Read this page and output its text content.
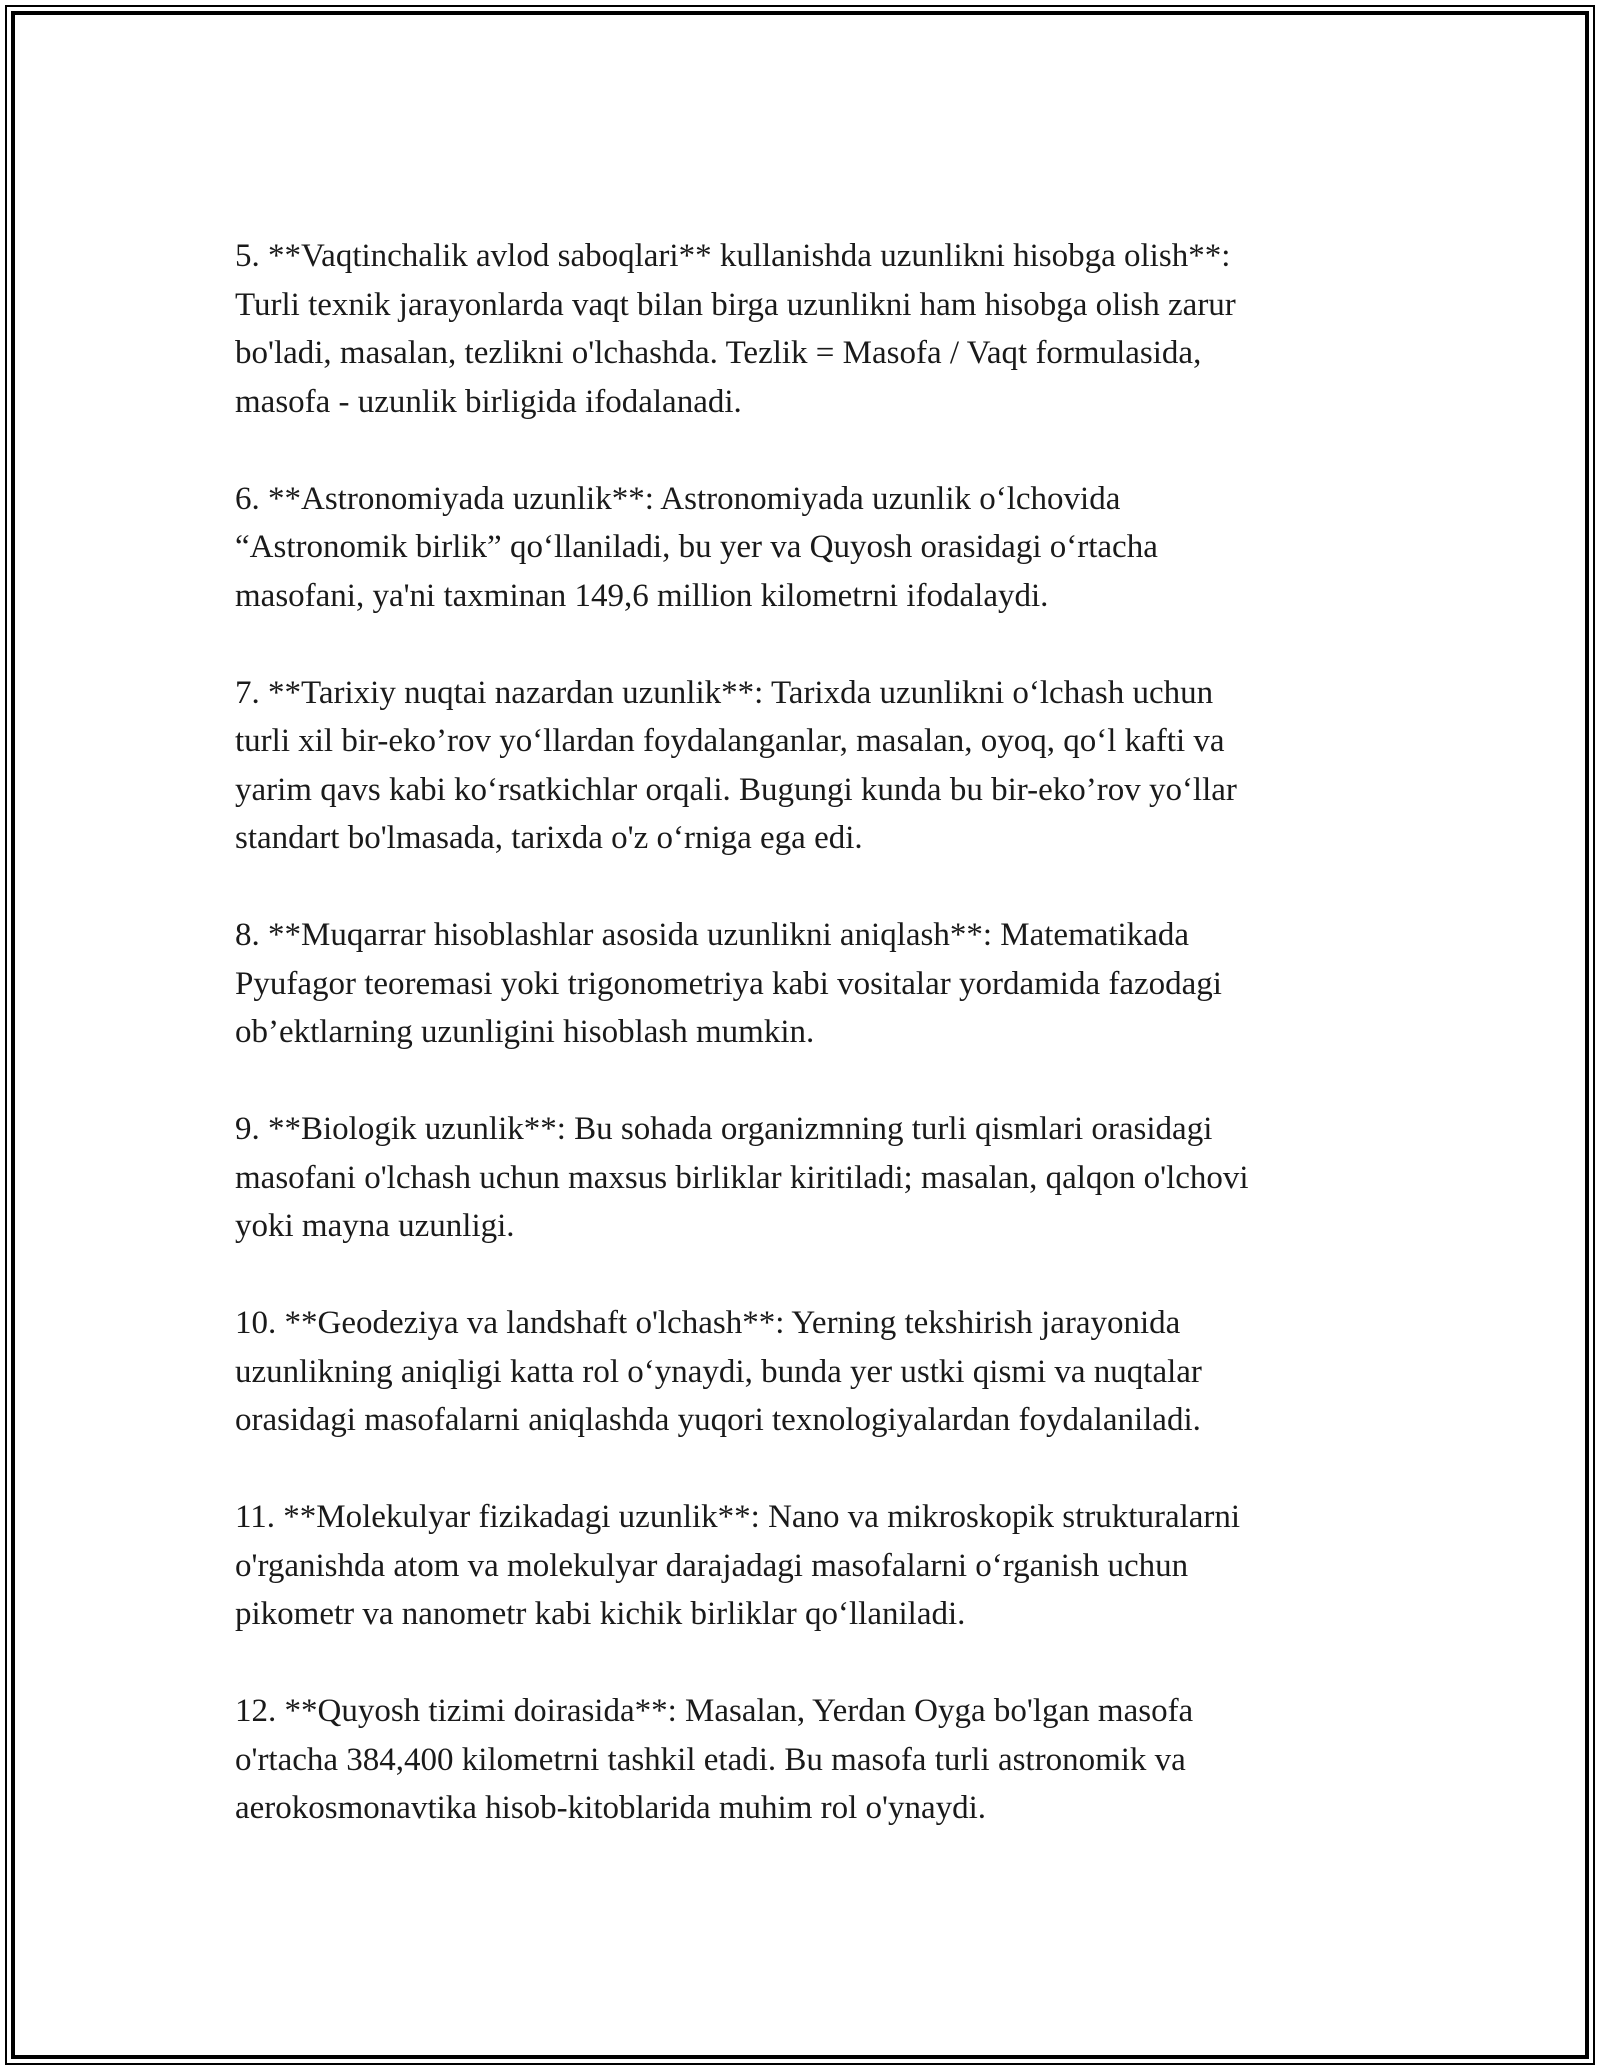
5. **Vaqtinchalik avlod saboqlari** kullanishda uzunlikni hisobga olish**:
Turli texnik jarayonlarda vaqt bilan birga uzunlikni ham hisobga olish zarur
bo'ladi, masalan, tezlikni o'lchashda. Tezlik = Masofa / Vaqt formulasida,
masofa - uzunlik birligida ifodalanadi.

6. **Astronomiyada uzunlik**: Astronomiyada uzunlik o‘lchovida
“Astronomik birlik” qo‘llaniladi, bu yer va Quyosh orasidagi o‘rtacha
masofani, ya'ni taxminan 149,6 million kilometrni ifodalaydi.

7. **Tarixiy nuqtai nazardan uzunlik**: Tarixda uzunlikni o‘lchash uchun
turli xil bir-eko’rov yo‘llardan foydalanganlar, masalan, oyoq, qo‘l kafti va
yarim qavs kabi ko‘rsatkichlar orqali. Bugungi kunda bu bir-eko’rov yo‘llar
standart bo'lmasada, tarixda o'z o‘rniga ega edi.

8. **Muqarrar hisoblashlar asosida uzunlikni aniqlash**: Matematikada
Pyufagor teoremasi yoki trigonometriya kabi vositalar yordamida fazodagi
ob’ektlarning uzunligini hisoblash mumkin.

9. **Biologik uzunlik**: Bu sohada organizmning turli qismlari orasidagi
masofani o'lchash uchun maxsus birliklar kiritiladi; masalan, qalqon o'lchovi
yoki mayna uzunligi.

10. **Geodeziya va landshaft o'lchash**: Yerning tekshirish jarayonida
uzunlikning aniqligi katta rol o‘ynaydi, bunda yer ustki qismi va nuqtalar
orasidagi masofalarni aniqlashda yuqori texnologiyalardan foydalaniladi.

11. **Molekulyar fizikadagi uzunlik**: Nano va mikroskopik strukturalarni
o'rganishda atom va molekulyar darajadagi masofalarni o‘rganish uchun
pikometr va nanometr kabi kichik birliklar qo‘llaniladi.

12. **Quyosh tizimi doirasida**: Masalan, Yerdan Oyga bo'lgan masofa
o'rtacha 384,400 kilometrni tashkil etadi. Bu masofa turli astronomik va
aerokosmonavtika hisob-kitoblarida muhim rol o'ynaydi.
